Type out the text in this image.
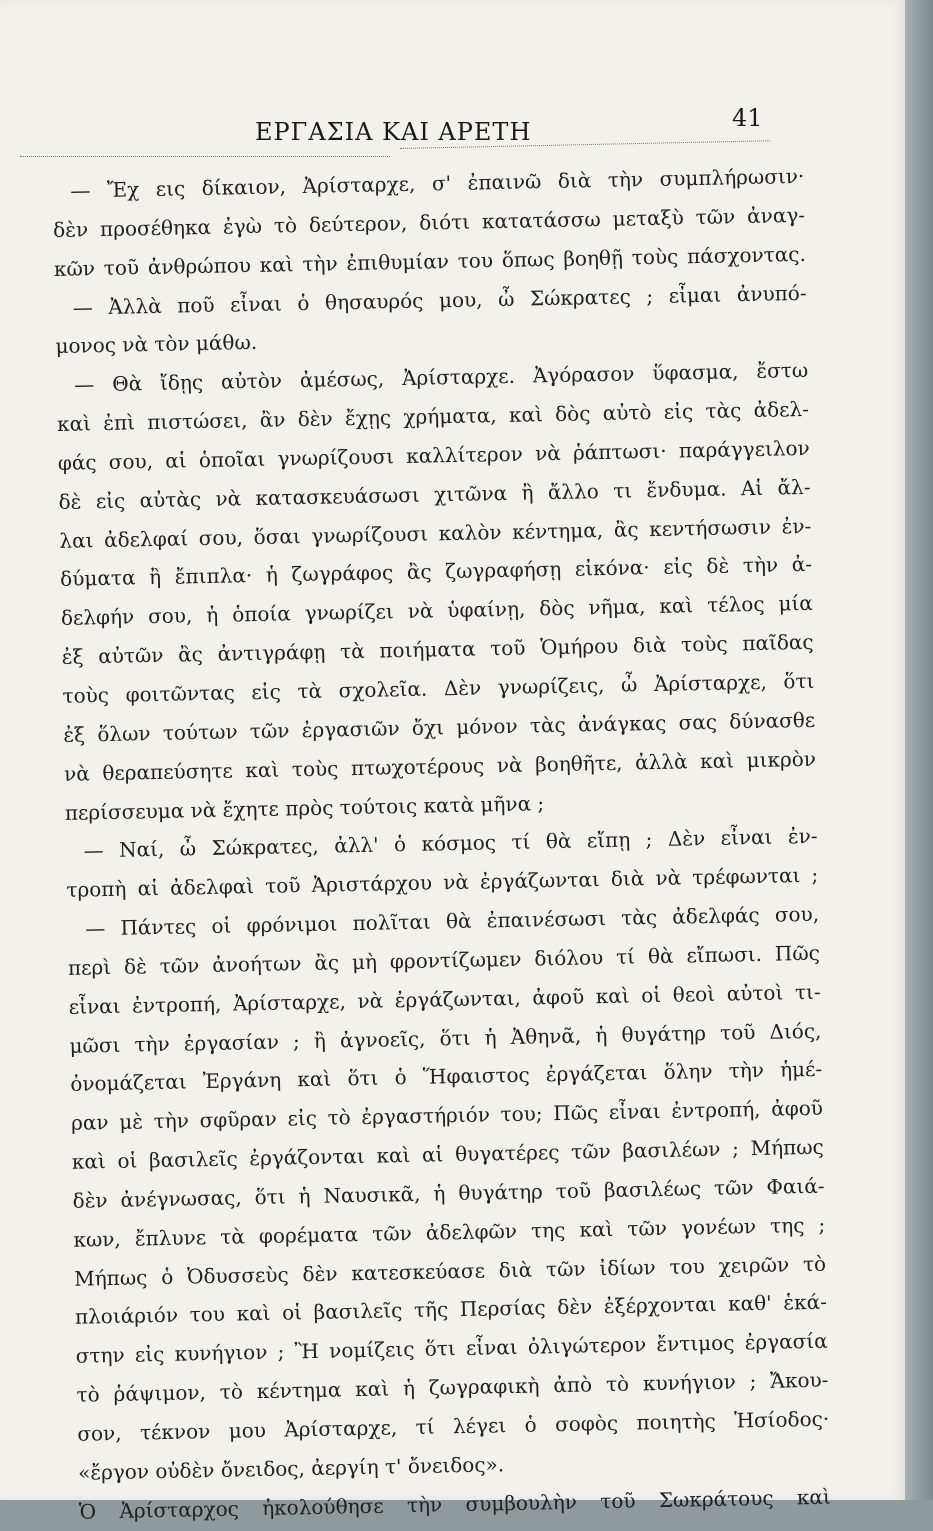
ΕΡΓΑΣΙΑ ΚΑΙ ΑΡΕΤΗ	41
— Ἔχ εις δίκαιον, Ἀρίσταρχε, σ' ἐπαινῶ διὰ τὴν συμπλήρωσιν·
δὲν προσέθηκα ἐγὼ τὸ δεύτερον, διότι κατατάσσω μεταξὺ τῶν ἀναγ-
κῶν τοῦ ἀνθρώπου καὶ τὴν ἐπιθυμίαν του ὅπως βοηθῇ τοὺς πάσχοντας.
— Ἀλλὰ ποῦ εἶναι ὁ θησαυρός μου, ὦ Σώκρατες ; εἶμαι ἀνυπό-
μονος νὰ τὸν μάθω.
— Θὰ ἴδῃς αὐτὸν ἀμέσως, Ἀρίσταρχε. Ἀγόρασον ὕφασμα, ἔστω
καὶ ἐπὶ πιστώσει, ἂν δὲν ἔχῃς χρήματα, καὶ δὸς αὐτὸ εἰς τὰς ἀδελ-
φάς σου, αἱ ὁποῖαι γνωρίζουσι καλλίτερον νὰ ῥάπτωσι· παράγγειλον
δὲ εἰς αὐτὰς νὰ κατασκευάσωσι χιτῶνα ἢ ἄλλο τι ἔνδυμα. Αἱ ἄλ-
λαι ἀδελφαί σου, ὅσαι γνωρίζουσι καλὸν κέντημα, ἂς κεντήσωσιν ἐν-
δύματα ἢ ἔπιπλα· ἡ ζωγράφος ἂς ζωγραφήσῃ εἰκόνα· εἰς δὲ τὴν ἀ-
δελφήν σου, ἡ ὁποία γνωρίζει νὰ ὑφαίνῃ, δὸς νῆμα, καὶ τέλος μία
ἐξ αὐτῶν ἂς ἀντιγράφῃ τὰ ποιήματα τοῦ Ὁμήρου διὰ τοὺς παῖδας
τοὺς φοιτῶντας εἰς τὰ σχολεῖα. Δὲν γνωρίζεις, ὦ Ἀρίσταρχε, ὅτι
ἐξ ὅλων τούτων τῶν ἐργασιῶν ὄχι μόνον τὰς ἀνάγκας σας δύνασθε
νὰ θεραπεύσητε καὶ τοὺς πτωχοτέρους νὰ βοηθῆτε, ἀλλὰ καὶ μικρὸν
περίσσευμα νὰ ἔχητε πρὸς τούτοις κατὰ μῆνα ;
— Ναί, ὦ Σώκρατες, ἀλλ' ὁ κόσμος τί θὰ εἴπῃ ; Δὲν εἶναι ἐν-
τροπὴ αἱ ἀδελφαὶ τοῦ Ἀριστάρχου νὰ ἐργάζωνται διὰ νὰ τρέφωνται ;
— Πάντες οἱ φρόνιμοι πολῖται θὰ ἐπαινέσωσι τὰς ἀδελφάς σου,
περὶ δὲ τῶν ἀνοήτων ἂς μὴ φροντίζωμεν διόλου τί θὰ εἴπωσι. Πῶς
εἶναι ἐντροπή, Ἀρίσταρχε, νὰ ἐργάζωνται, ἀφοῦ καὶ οἱ θεοὶ αὐτοὶ τι-
μῶσι τὴν ἐργασίαν ; ἢ ἀγνοεῖς, ὅτι ἡ Ἀθηνᾶ, ἡ θυγάτηρ τοῦ Διός,
ὀνομάζεται Ἐργάνη καὶ ὅτι ὁ Ἥφαιστος ἐργάζεται ὅλην τὴν ἡμέ-
ραν μὲ τὴν σφῦραν εἰς τὸ ἐργαστήριόν του; Πῶς εἶναι ἐντροπή, ἀφοῦ
καὶ οἱ βασιλεῖς ἐργάζονται καὶ αἱ θυγατέρες τῶν βασιλέων ; Μήπως
δὲν ἀνέγνωσας, ὅτι ἡ Ναυσικᾶ, ἡ θυγάτηρ τοῦ βασιλέως τῶν Φαιά-
κων, ἔπλυνε τὰ φορέματα τῶν ἀδελφῶν της καὶ τῶν γονέων της ;
Μήπως ὁ Ὀδυσσεὺς δὲν κατεσκεύασε διὰ τῶν ἰδίων του χειρῶν τὸ
πλοιάριόν του καὶ οἱ βασιλεῖς τῆς Περσίας δὲν ἐξέρχονται καθ' ἑκά-
στην εἰς κυνήγιον ; Ἢ νομίζεις ὅτι εἶναι ὀλιγώτερον ἔντιμος ἐργασία
τὸ ῥάψιμον, τὸ κέντημα καὶ ἡ ζωγραφικὴ ἀπὸ τὸ κυνήγιον ; Ἄκου-
σον, τέκνον μου Ἀρίσταρχε, τί λέγει ὁ σοφὸς ποιητὴς Ἡσίοδος·
«ἔργον οὐδὲν ὄνειδος, ἀεργίη τ' ὄνειδος».
Ὁ Ἀρίσταρχος ἠκολούθησε τὴν συμβουλὴν τοῦ Σωκράτους καὶ
